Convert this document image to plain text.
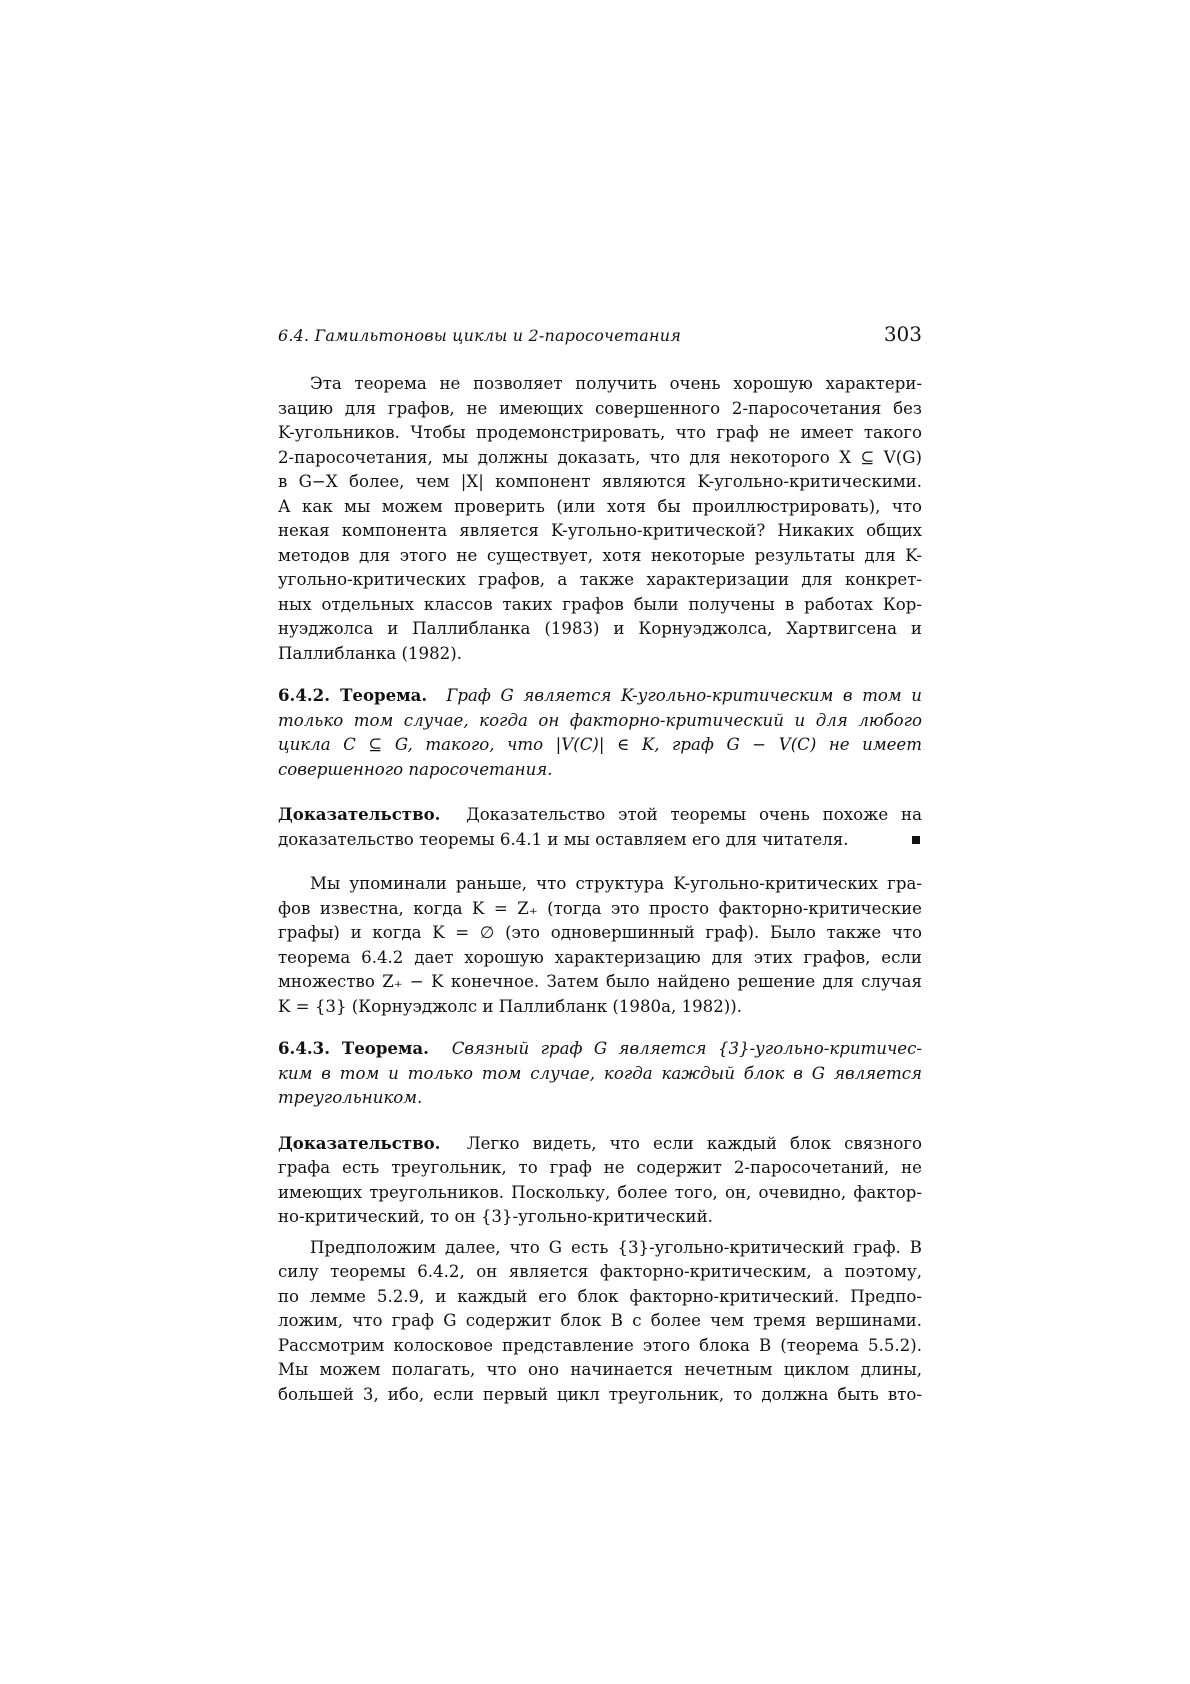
6.4. Гамильтоновы циклы и 2-паросочетания	303
Эта теорема не позволяет получить очень хорошую характери-
зацию для графов, не имеющих совершенного 2-паросочетания без
K-угольников. Чтобы продемонстрировать, что граф не имеет такого
2-паросочетания, мы должны доказать, что для некоторого X ⊆ V(G)
в G−X более, чем |X| компонент являются K-угольно-критическими.
А как мы можем проверить (или хотя бы проиллюстрировать), что
некая компонента является K-угольно-критической? Никаких общих
методов для этого не существует, хотя некоторые результаты для K-
угольно-критических графов, а также характеризации для конкрет-
ных отдельных классов таких графов были получены в работах Кор-
нуэджолса и Паллибланка (1983) и Корнуэджолса, Хартвигсена и
Паллибланка (1982).
6.4.2. Теорема. Граф G является K-угольно-критическим в том и
только том случае, когда он факторно-критический и для любого
цикла C ⊆ G, такого, что |V(C)| ∈ K, граф G − V(C) не имеет
совершенного паросочетания.
Доказательство. Доказательство этой теоремы очень похоже на
доказательство теоремы 6.4.1 и мы оставляем его для читателя.
Мы упоминали раньше, что структура K-угольно-критических гра-
фов известна, когда K = Z₊ (тогда это просто факторно-критические
графы) и когда K = ∅ (это одновершинный граф). Было также что
теорема 6.4.2 дает хорошую характеризацию для этих графов, если
множество Z₊ − K конечное. Затем было найдено решение для случая
K = {3} (Корнуэджолс и Паллибланк (1980a, 1982)).
6.4.3. Теорема. Связный граф G является {3}-угольно-критичес-
ким в том и только том случае, когда каждый блок в G является
треугольником.
Доказательство. Легко видеть, что если каждый блок связного
графа есть треугольник, то граф не содержит 2-паросочетаний, не
имеющих треугольников. Поскольку, более того, он, очевидно, фактор-
но-критический, то он {3}-угольно-критический.
Предположим далее, что G есть {3}-угольно-критический граф. В
силу теоремы 6.4.2, он является факторно-критическим, а поэтому,
по лемме 5.2.9, и каждый его блок факторно-критический. Предпо-
ложим, что граф G содержит блок B с более чем тремя вершинами.
Рассмотрим колосковое представление этого блока B (теорема 5.5.2).
Мы можем полагать, что оно начинается нечетным циклом длины,
большей 3, ибо, если первый цикл треугольник, то должна быть вто-
